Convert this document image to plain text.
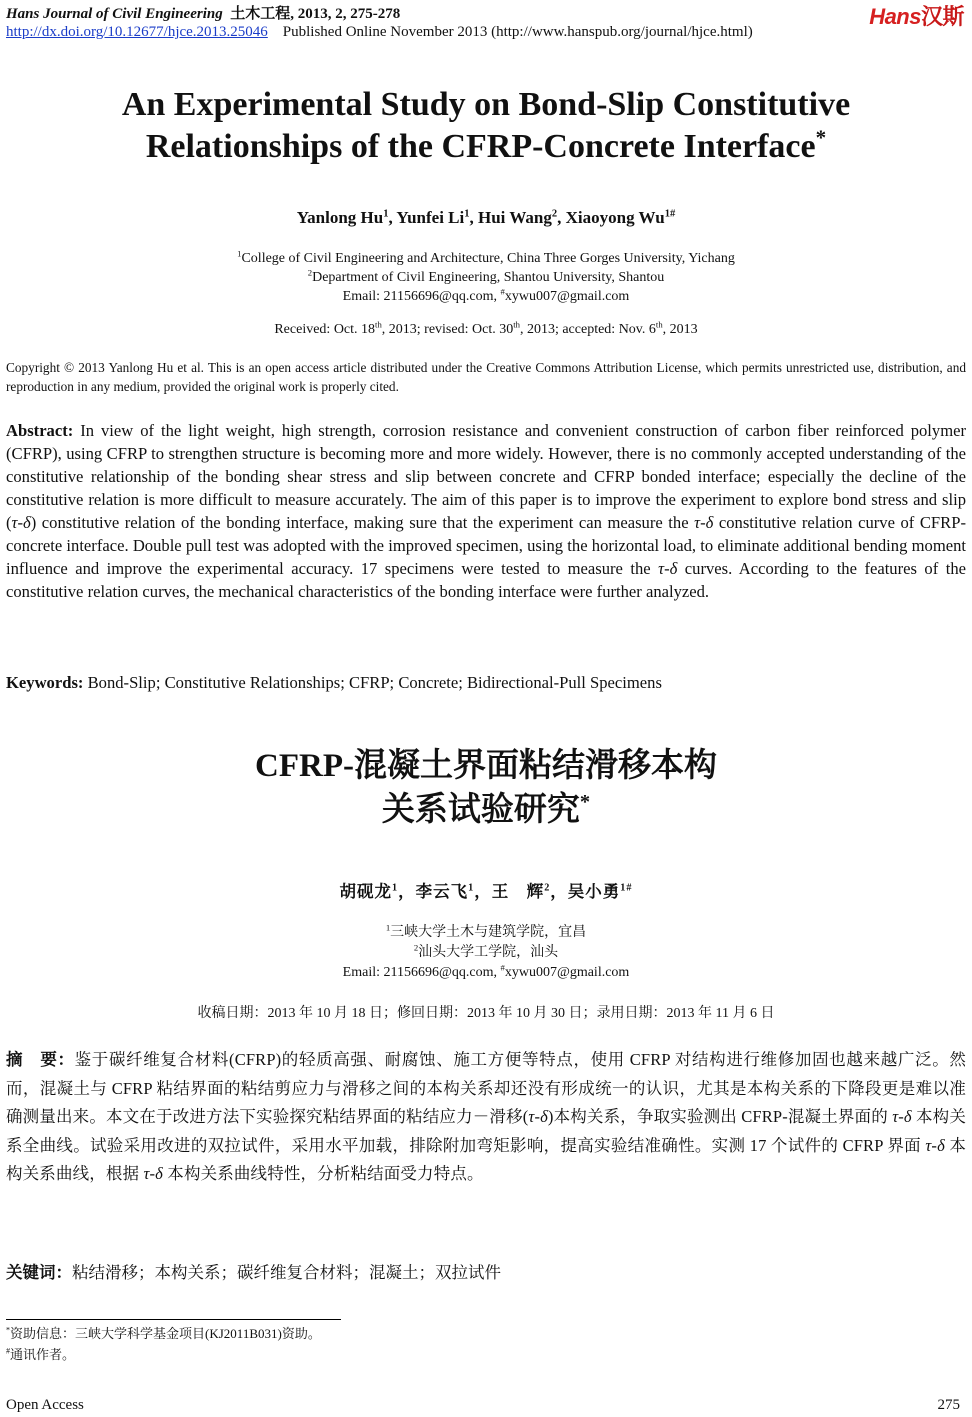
Hans Journal of Civil Engineering 土木工程, 2013, 2, 275-278
http://dx.doi.org/10.12677/hjce.2013.25046 Published Online November 2013 (http://www.hanspub.org/journal/hjce.html)
Hans汉斯
An Experimental Study on Bond-Slip Constitutive
Relationships of the CFRP-Concrete Interface*
Yanlong Hu$^1$, Yunfei Li$^1$, Hui Wang$^2$, Xiaoyong $Wu^{1\#}$
$^1$College of Civil Engineering and Architecture, China Three Gorges University, Yichang
$^2$Department of Civil Engineering, Shantou University, Shantou
Email: 21156696@qq.com, #xywu007@gmail.com
Received: Oct. 18th, 2013; revised: Oct. 30th, 2013; accepted: Nov. 6th, 2013
Copyright © 2013 Yanlong Hu et al. This is an open access article distributed under the Creative Commons Attribution License, which permits unrestricted use, distribution, and reproduction in any medium, provided the original work is properly cited.
Abstract: In view of the light weight, high strength, corrosion resistance and convenient construction of carbon fiber reinforced polymer (CFRP), using CFRP to strengthen structure is becoming more and more widely. However, there is no commonly accepted understanding of the constitutive relationship of the bonding shear stress and slip between concrete and CFRP bonded interface; especially the decline of the constitutive relation is more difficult to measure accurately. The aim of this paper is to improve the experiment to explore bond stress and slip (τ-δ) constitutive relation of the bonding interface, making sure that the experiment can measure the τ-δ constitutive relation curve of CFRP-concrete interface. Double pull test was adopted with the improved specimen, using the horizontal load, to eliminate additional bending moment influence and improve the experimental accuracy. 17 specimens were tested to measure the τ-δ curves. According to the features of the constitutive relation curves, the mechanical characteristics of the bonding interface were further analyzed.
Keywords: Bond-Slip; Constitutive Relationships; CFRP; Concrete; Bidirectional-Pull Specimens
CFRP-混凝土界面粘结滑移本构
关系试验研究*
胡砚龙$^1$，李云飞$^1$，王　辉$^2$，吴小勇$^{1\#}$
$^1$三峡大学土木与建筑学院，宜昌
$^2$汕头大学工学院，汕头
Email: 21156696@qq.com, #xywu007@gmail.com
收稿日期：2013 年 10 月 18 日；修回日期：2013 年 10 月 30 日；录用日期：2013 年 11 月 6 日
摘　要：鉴于碳纤维复合材料(CFRP)的轻质高强、耐腐蚀、施工方便等特点，使用 CFRP 对结构进行维修加固也越来越广泛。然而，混凝土与 CFRP 粘结界面的粘结剪应力与滑移之间的本构关系却还没有形成统一的认识，尤其是本构关系的下降段更是难以准确测量出来。本文在于改进方法下实验探究粘结界面的粘结应力－滑移(τ-δ)本构关系，争取实验测出 CFRP-混凝土界面的 τ-δ 本构关系全曲线。试验采用改进的双拉试件，采用水平加载，排除附加弯矩影响，提高实验结准确性。实测 17 个试件的 CFRP 界面 τ-δ 本构关系曲线，根据 τ-δ 本构关系曲线特性，分析粘结面受力特点。
关键词：粘结滑移；本构关系；碳纤维复合材料；混凝土；双拉试件
*资助信息：三峡大学科学基金项目(KJ2011B031)资助。
#通讯作者。
Open Access	275
